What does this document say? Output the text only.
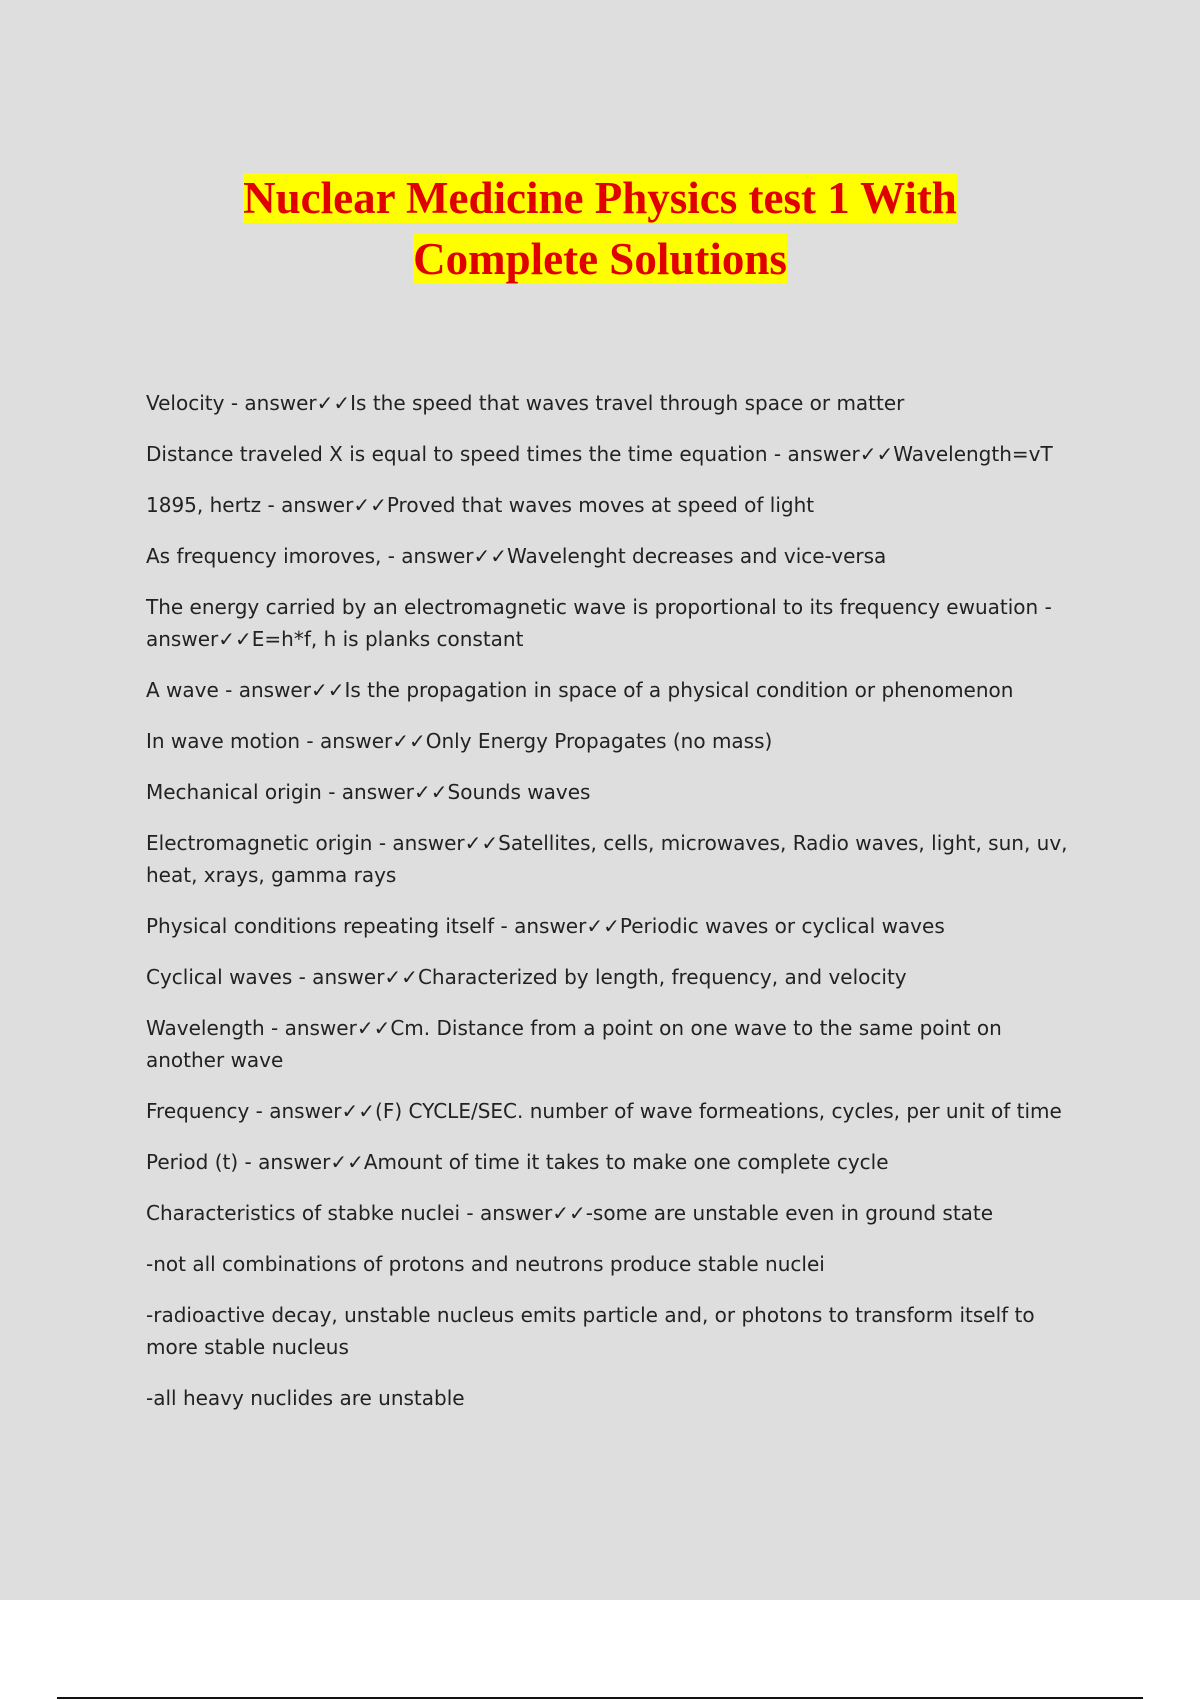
Nuclear Medicine Physics test 1 With
Complete Solutions

Velocity - answer✓✓Is the speed that waves travel through space or matter

Distance traveled X is equal to speed times the time equation - answer✓✓Wavelength=vT

1895, hertz - answer✓✓Proved that waves moves at speed of light

As frequency imoroves, - answer✓✓Wavelenght decreases and vice-versa

The energy carried by an electromagnetic wave is proportional to its frequency ewuation - answer✓✓E=h*f, h is planks constant

A wave - answer✓✓Is the propagation in space of a physical condition or phenomenon

In wave motion - answer✓✓Only Energy Propagates (no mass)

Mechanical origin - answer✓✓Sounds waves

Electromagnetic origin - answer✓✓Satellites, cells, microwaves, Radio waves, light, sun, uv, heat, xrays, gamma rays

Physical conditions repeating itself - answer✓✓Periodic waves or cyclical waves

Cyclical waves - answer✓✓Characterized by length, frequency, and velocity

Wavelength - answer✓✓Cm. Distance from a point on one wave to the same point on another wave

Frequency - answer✓✓(F) CYCLE/SEC. number of wave formeations, cycles, per unit of time

Period (t) - answer✓✓Amount of time it takes to make one complete cycle

Characteristics of stabke nuclei - answer✓✓-some are unstable even in ground state

-not all combinations of protons and neutrons produce stable nuclei

-radioactive decay, unstable nucleus emits particle and, or photons to transform itself to more stable nucleus

-all heavy nuclides are unstable
